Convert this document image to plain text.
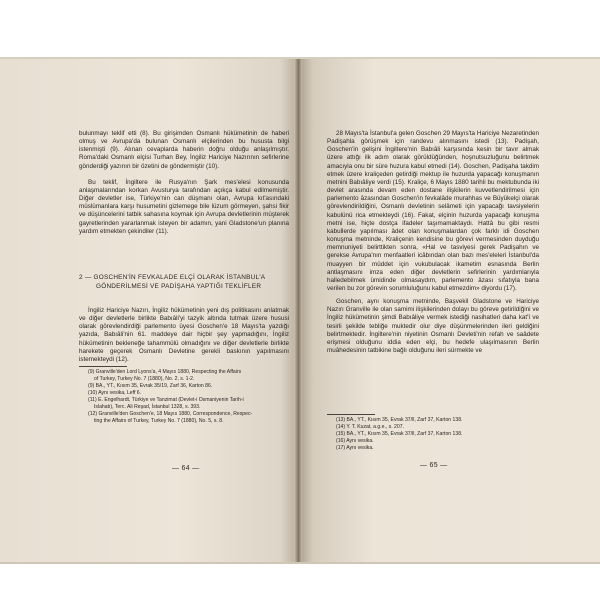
bulunmayı teklif etti (8). Bu girişimden Osmanlı hükümetinin de haberi olmuş ve Avrupa'da bulunan Osmanlı elçilerinden bu hususta bilgi istenmişti (9). Alınan cevaplarda haberin doğru olduğu anlaşılmıştır. Roma'daki Osmanlı elçisi Turhan Bey, İngiliz Hariciye Nazırının sefirlerine gönderdiği yazının bir özetini de göndermiştir (10).

Bu teklif, İngiltere ile Rusya'nın Şark mes'elesi konusunda anlaşmalarından korkan Avusturya tarafından açıkça kabul edilmemiştir. Diğer devletler ise, Türkiye'nin can düşmanı olan, Avrupa kıt'asındaki müslümanlara karşı husumetini gizlemege bile lüzum görmeyen, şahsi fikir ve düşüncelerini tatbik sahasına koymak için Avrupa devletlerinin müşterek gayretlerinden yararlanmak isteyen bir adamın, yani Gladstone'un planına yardım etmekten çekindiler (11).

2 — GOSCHEN'İN FEVKALADE ELÇİ OLARAK İSTANBUL'A
GÖNDERİLMESİ VE PADİŞAHA YAPTIĞI TEKLİFLER

İngiliz Hariciye Nazırı, İngiliz hükümetinin yeni dış politikasını anlatmak ve diğer devletlerle birlikte Babıâli'yi tazyik altında tutmak üzere hususi olarak görevlendirdiği parlemento üyesi Goschen'e 18 Mayıs'ta yazdığı yazıda, Babıâli'nin 61. maddeye dair hiçbir şey yapmadığını, İngiliz hükümetinin bekleneğe tahammülü olmadığını ve diğer devletlerle birlikte harekete geçerek Osmanlı Devletine gerekli baskının yapılmasını istemekteydi (12).

(9) Granville'den Lord Lyons'a, 4 Mayıs 1880, Respecting the Affairs
of Turkey, Turkey No. 7 (1880), No. 2, s. 1-2.
(9) BA., YT., Kısım 35, Evrak 35/19, Zarf 36, Karton 86.
(10) Aynı vesika, Leff 6.
(11) E. Engelhardt, Türkiye ve Tanzimat (Devlet-i Osmaniyenin Tarih-i
Islahatı), Terc. Ali Reşad, İstanbul 1328, s. 393.
(12) Granville'den Goschen'e, 18 Mayıs 1880, Correspondence, Respec-
ting the Affairs of Turkey, Turkey No. 7 (1880), No. 5, s. 8.
— 64 —

28 Mayıs'ta İstanbul'a gelen Goschen 29 Mayıs'ta Hariciye Nezaretinden Padişahla görüşmek için randevu alınmasını istedi (13). Padişah, Goschen'in gelişini İngiltere'nin Babıâli karşısında kesin bir tavır almak üzere attığı ilk adım olarak görüldüğünden, hoşnutsuzluğunu belirtmek amacıyla onu bir süre huzura kabul etmedi (14). Goschen, Padişaha takdim etmek üzere kraliçeden getirdiği mektup ile huzurda yapacağı konuşmanın metnini Babıâliye verdi (15). Kraliçe, 6 Mayıs 1880 tarihli bu mektubunda iki devlet arasında devam eden dostane ilişkilerin kuvvetlendirilmesi için parlemento âzasından Goschen'in fevkalâde murahhas ve Büyükelçi olarak görevlendirildiğini, Osmanlı devletinin selâmeti için yapacağı tavsiyelerin kabulünü rica etmekteydi (16). Fakat, elçinin huzurda yapacağı konuşma metni ise, hiçte dostça ifadeler taşımamaktaydı. Hattâ bu gibi resmi kabullerde yapılması âdet olan konuşmalardan çok farklı idi Goschen konuşma metninde, Kraliçenin kendisine bu görevi vermesinden duyduğu memnuniyeti belirttikten sonra, «Hal ve tasviyesi gerek Padişahın ve gerekse Avrupa'nın menfaatleri icâbından olan bazı mes'eleleri İstanbul'da muayyen bir müddet için vukubulacak ikametim esnasında Berlin antlaşmasını imza eden diğer devletlerin sefirlerinin yardımlarıyla halledebilmek ümidinde olmasaydım, parlemento âzası sıfatıyla bana verilen bu zor görevin sorumluluğunu kabul etmezdim» diyordu (17).

Goschen, aynı konuşma metninde, Başvekil Gladstone ve Hariciye Nazırı Granville ile olan samimi ilişkilerinden dolayı bu göreve getirildiğini ve İngiliz hükümetinin şimdi Babıâliye vermek istediği nasihatleri daha kat'î ve tesirli şekilde tebliğe muktedir olur diye düşünmelerinden ileri geldiğini belirtmektedir. İngiltere'nin niyetinin Osmanlı Devleti'nin refah ve saâdete erişmesi olduğunu iddia eden elçi, bu hedefe ulaşılmasının Berlin muâhedesinin tatbikine bağlı olduğunu ileri sürmekte ve

(13) BA., YT., Kısım 35, Evrak 37/ll, Zarf 37, Karton 138.
(14) Y. T. Kuzat, a.g.e., s. 207.
(15) BA., YT., Kısım 35, Evrak 37/ll, Zarf 37, Karton 138.
(16) Aynı vesika.
(17) Aynı vesika.
— 65 —
